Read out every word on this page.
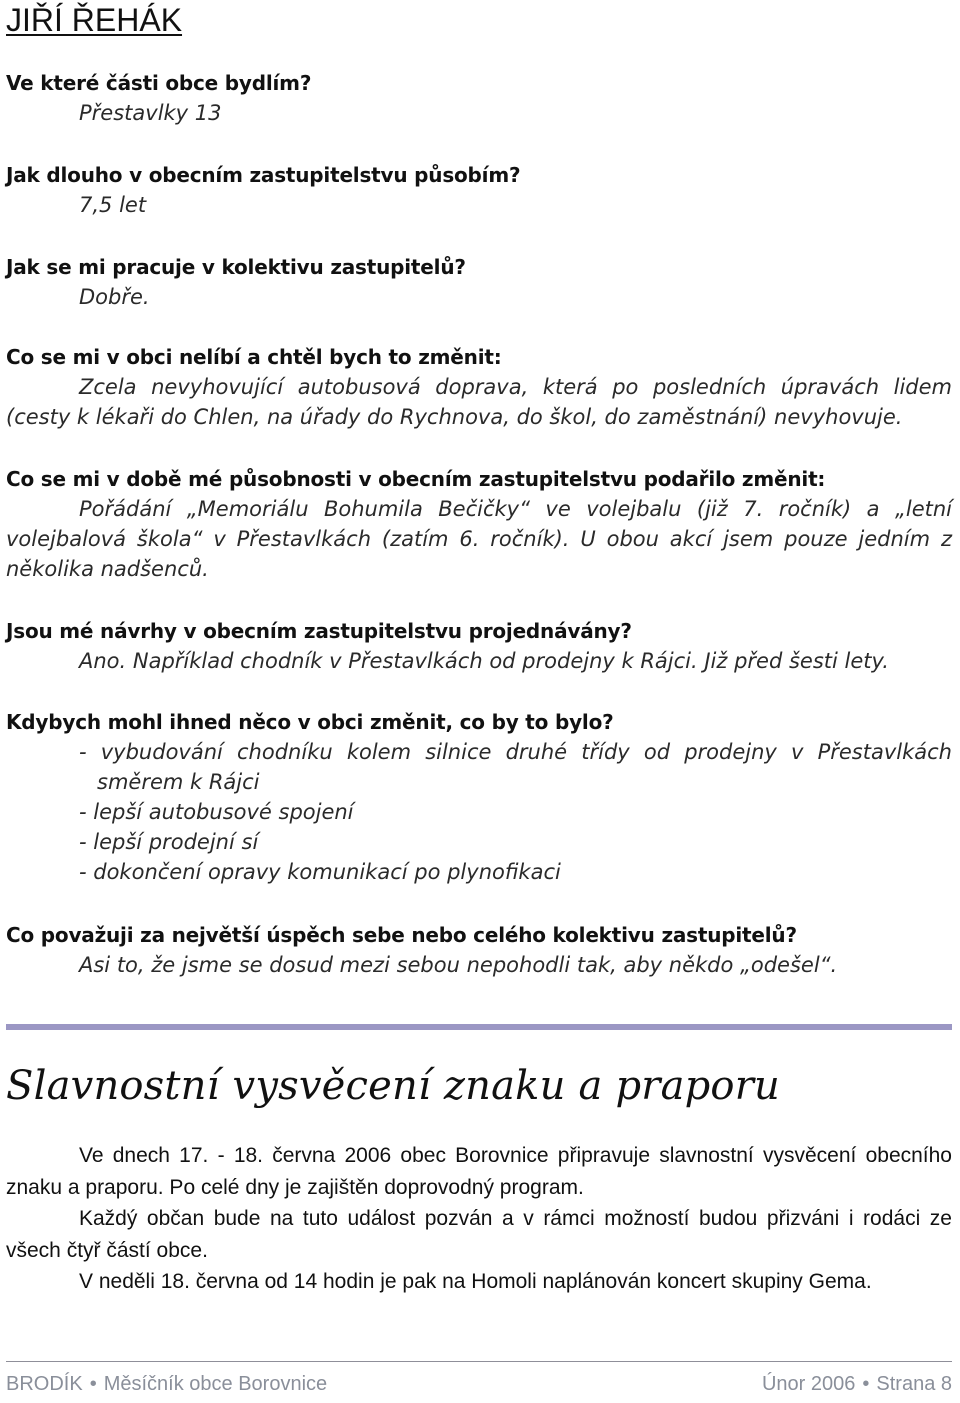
JIŘÍ ŘEHÁK
Ve které části obce bydlím?
Přestavlky 13
Jak dlouho v obecním zastupitelstvu působím?
7,5 let
Jak se mi pracuje v kolektivu zastupitelů?
Dobře.
Co se mi v obci nelíbí a chtěl bych to změnit:
Zcela nevyhovující autobusová doprava, která po posledních úpravách lidem (cesty k lékaři do Chlen, na úřady do Rychnova, do škol, do zaměstnání) nevyhovuje.
Co se mi v době mé působnosti v obecním zastupitelstvu podařilo změnit:
Pořádání „Memoriálu Bohumila Bečičky“ ve volejbalu (již 7. ročník) a „letní volejbalová škola“ v Přestavlkách (zatím 6. ročník). U obou akcí jsem pouze jedním z několika nadšenců.
Jsou mé návrhy v obecním zastupitelstvu projednávány?
Ano. Například chodník v Přestavlkách od prodejny k Rájci. Již před šesti lety.
Kdybych mohl ihned něco v obci změnit, co by to bylo?
- vybudování chodníku kolem silnice druhé třídy od prodejny v Přestavlkách směrem k Rájci
- lepší autobusové spojení
- lepší prodejní sí
- dokončení opravy komunikací po plynofikaci
Co považuji za největší úspěch sebe nebo celého kolektivu zastupitelů?
Asi to, že jsme se dosud mezi sebou nepohodli tak, aby někdo „odešel“.
Slavnostní vysvěcení znaku a praporu

Ve dnech 17. - 18. června 2006 obec Borovnice připravuje slavnostní vysvěcení obecního znaku a praporu. Po celé dny je zajištěn doprovodný program.

Každý občan bude na tuto událost pozván a v rámci možností budou přizváni i rodáci ze všech čtyř částí obce.

V neděli 18. června od 14 hodin je pak na Homoli naplánován koncert skupiny Gema.

BRODÍK • Měsíčník obce Borovnice	Únor 2006 • Strana 8
